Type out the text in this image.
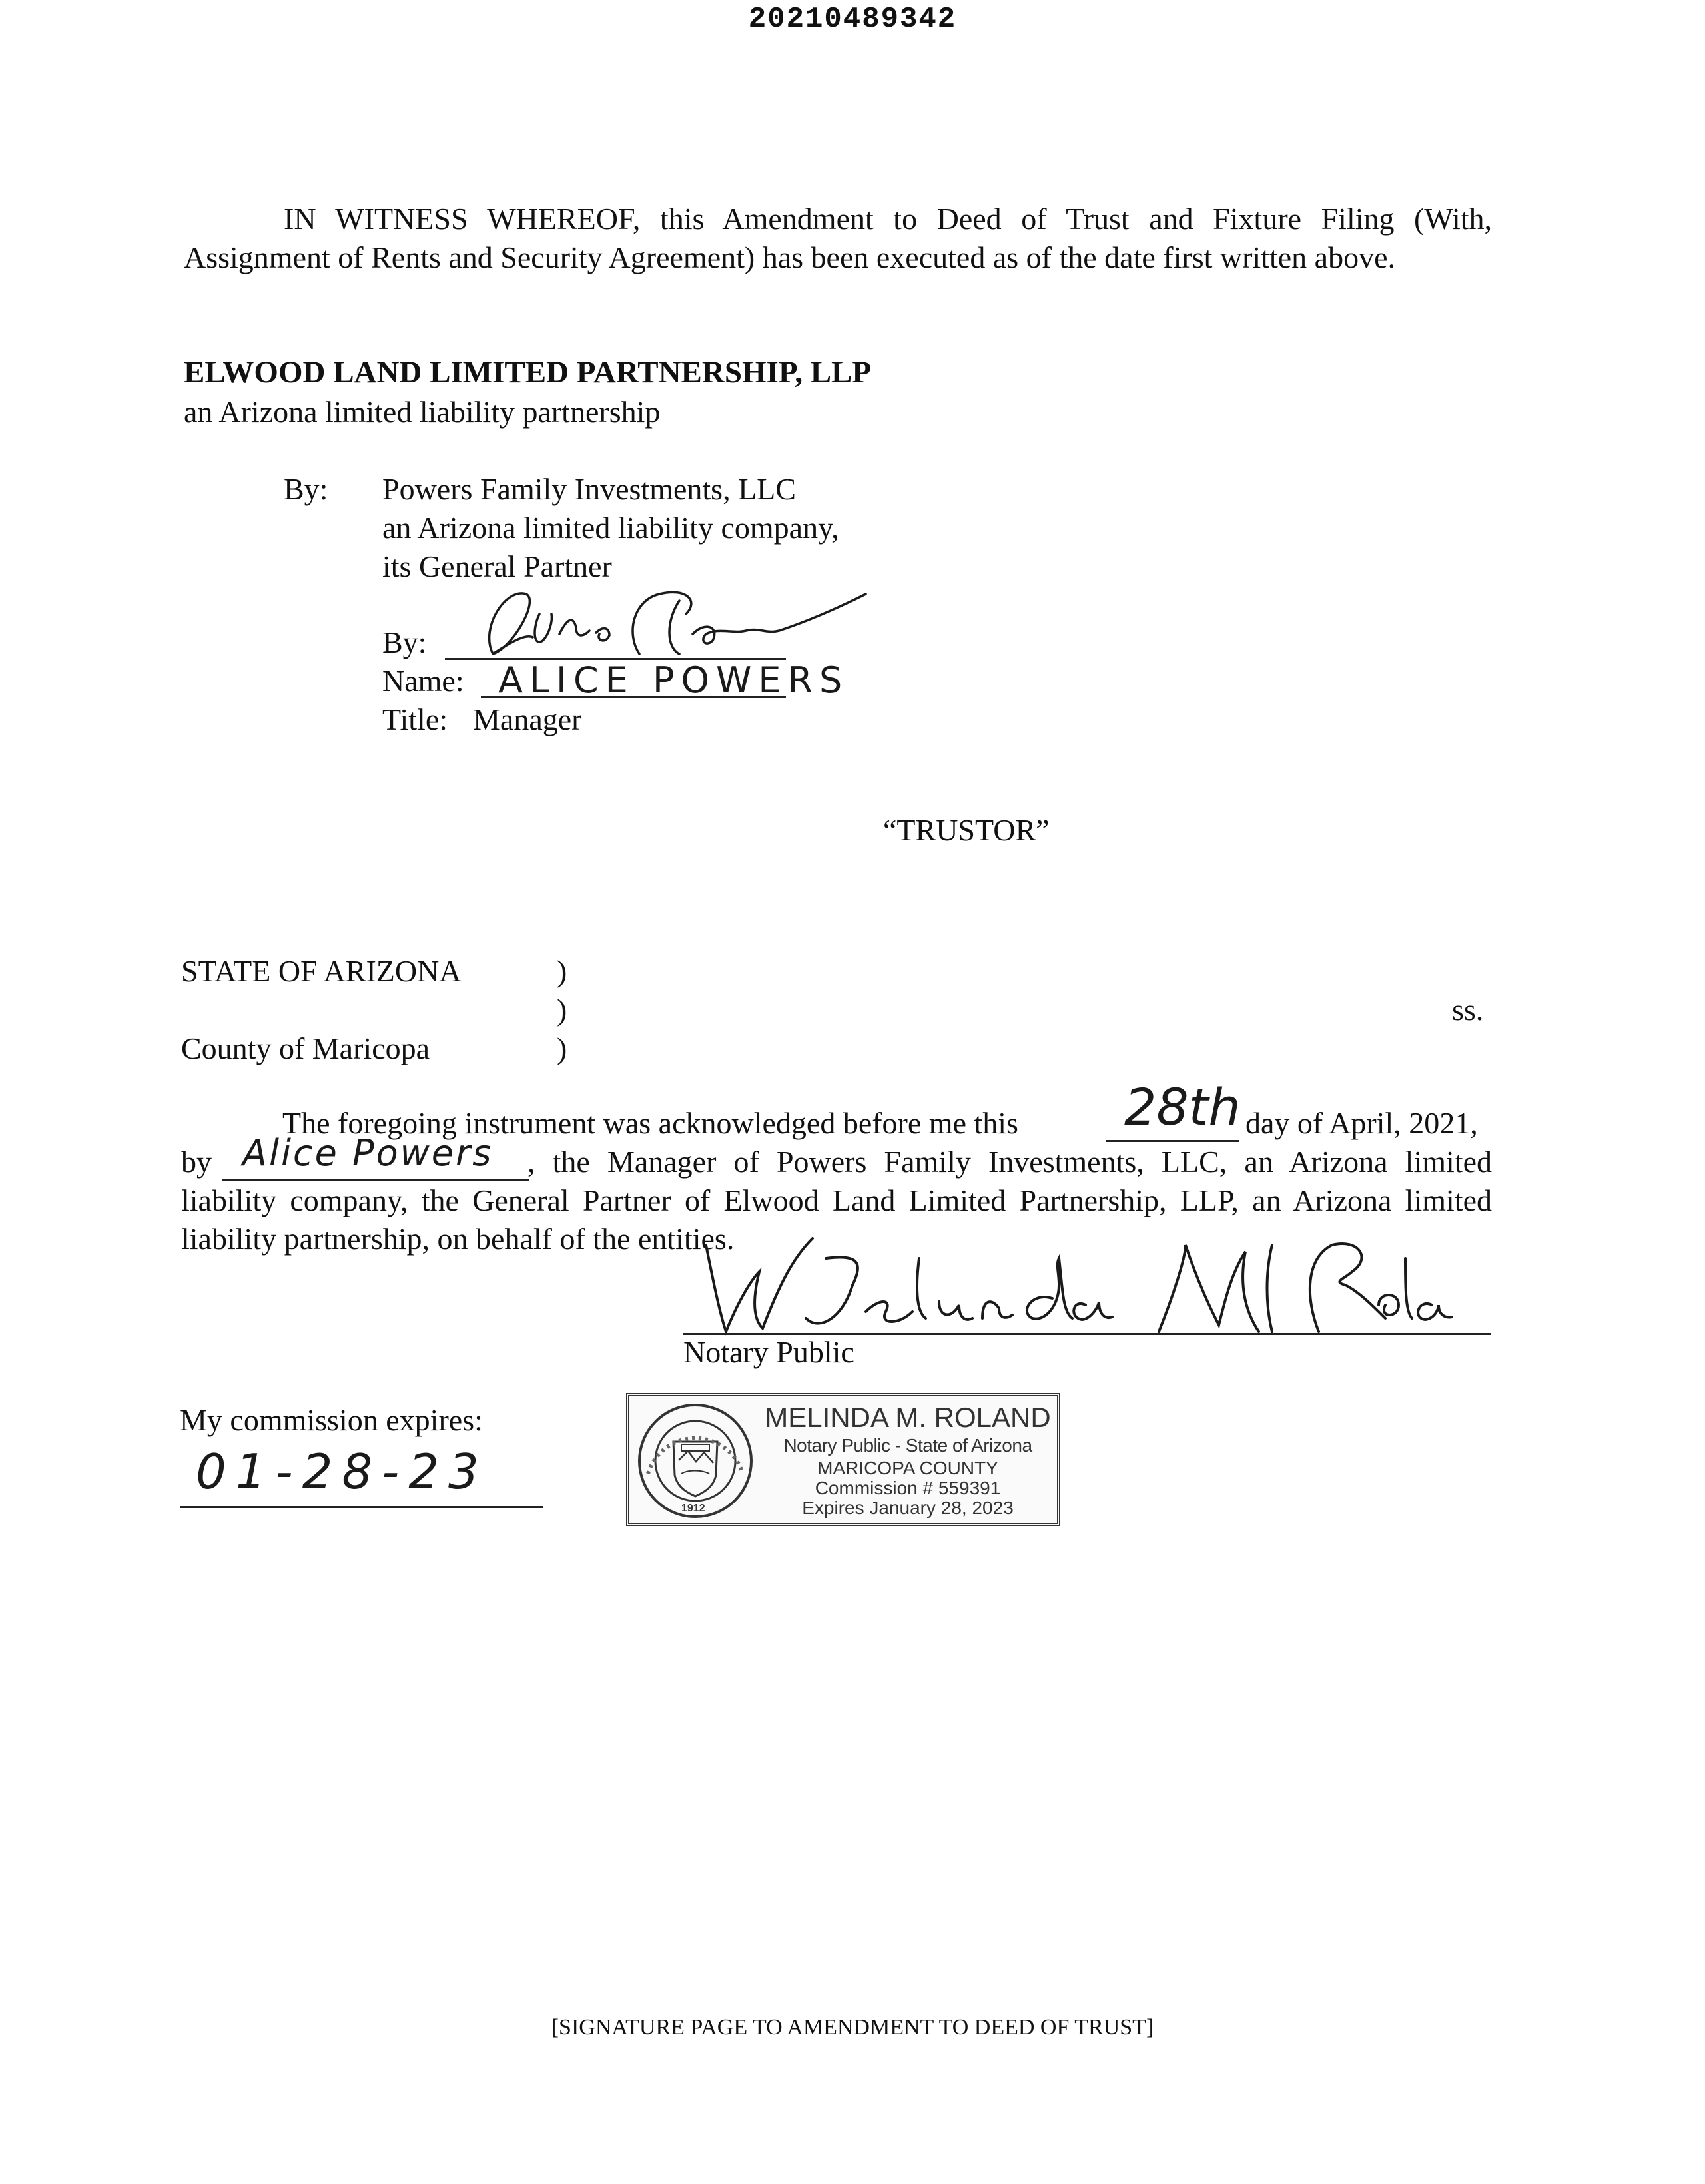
20210489342
IN WITNESS WHEREOF, this Amendment to Deed of Trust and Fixture Filing (With, Assignment of Rents and Security Agreement) has been executed as of the date first written above.
ELWOOD LAND LIMITED PARTNERSHIP, LLP
an Arizona limited liability partnership
By: Powers Family Investments, LLC
an Arizona limited liability company,
its General Partner
By:
Name: ALICE POWERS
Title: Manager
“TRUSTOR”
STATE OF ARIZONA	)
)	ss.
County of Maricopa	)
The foregoing instrument was acknowledged before me this 28th day of April, 2021,
by Alice Powers , the Manager of Powers Family Investments, LLC, an Arizona limited
liability company, the General Partner of Elwood Land Limited Partnership, LLP, an Arizona limited liability partnership, on behalf of the entities.
Notary Public
My commission expires:
01-28-23
1912
MELINDA M. ROLAND
Notary Public - State of Arizona
MARICOPA COUNTY
Commission # 559391
Expires January 28, 2023
[SIGNATURE PAGE TO AMENDMENT TO DEED OF TRUST]
